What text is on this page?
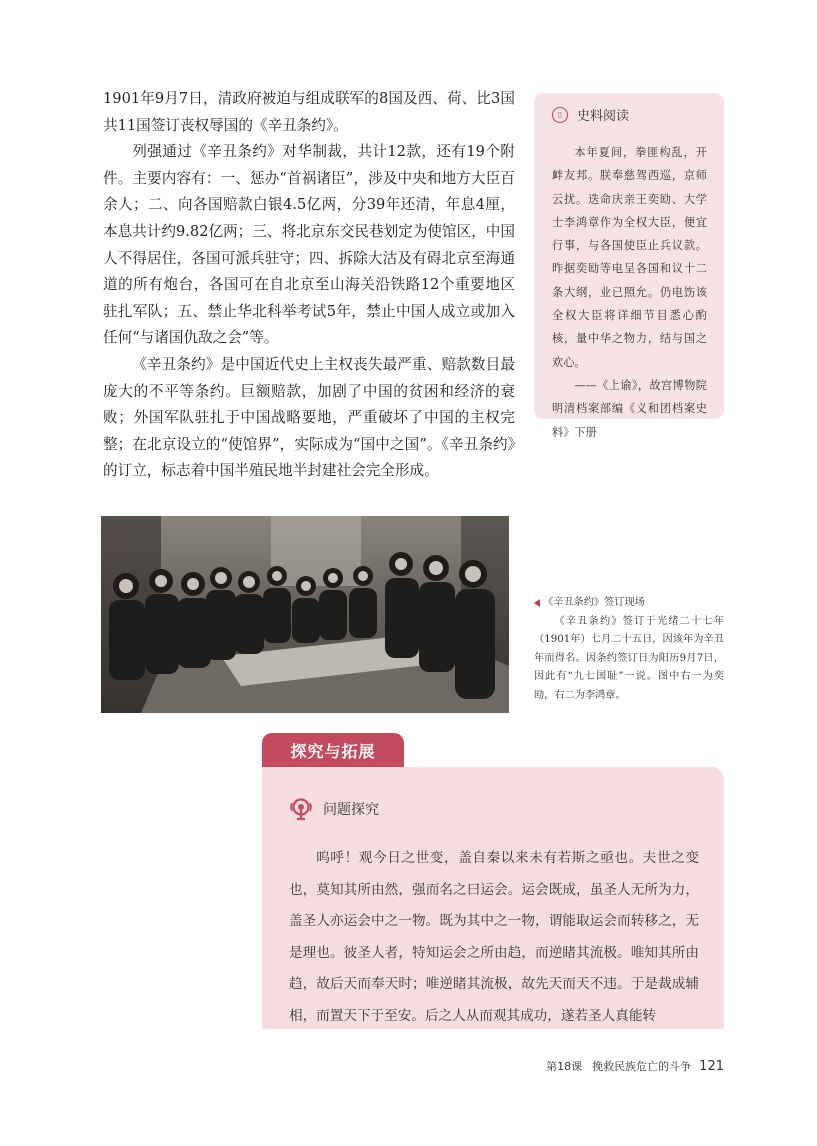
1901年9月7日，清政府被迫与组成联军的8国及西、荷、比3国共11国签订丧权辱国的《辛丑条约》。

列强通过《辛丑条约》对华制裁，共计12款，还有19个附件。主要内容有：一、惩办“首祸诸臣”，涉及中央和地方大臣百余人；二、向各国赔款白银4.5亿两，分39年还清，年息4厘，本息共计约9.82亿两；三、将北京东交民巷划定为使馆区，中国人不得居住，各国可派兵驻守；四、拆除大沽及有碍北京至海通道的所有炮台，各国可在自北京至山海关沿铁路12个重要地区驻扎军队；五、禁止华北科举考试5年，禁止中国人成立或加入任何“与诸国仇敌之会”等。

《辛丑条约》是中国近代史上主权丧失最严重、赔款数目最庞大的不平等条约。巨额赔款，加剧了中国的贫困和经济的衰败；外国军队驻扎于中国战略要地，严重破坏了中国的主权完整；在北京设立的“使馆界”，实际成为“国中之国”。《辛丑条约》的订立，标志着中国半殖民地半封建社会完全形成。

▯	史料阅读

本年夏间，拳匪构乱，开衅友邦。朕奉慈驾西巡，京师云扰。迭命庆亲王奕劻、大学士李鸿章作为全权大臣，便宜行事，与各国使臣止兵议款。昨据奕劻等电呈各国和议十二条大纲，业已照允。仍电饬该全权大臣将详细节目悉心酌核，量中华之物力，结与国之欢心。

——《上谕》，故宫博物院明清档案部编《义和团档案史料》下册

《辛丑条约》签订现场

《辛丑条约》签订于光绪二十七年（1901年）七月二十五日，因该年为辛丑年而得名。因条约签订日为阳历9月7日，因此有“九七国耻”一说。图中右一为奕劻，右二为李鸿章。

探究与拓展
问题探究

呜呼！观今日之世变，盖自秦以来未有若斯之亟也。夫世之变也，莫知其所由然，强而名之曰运会。运会既成，虽圣人无所为力，盖圣人亦运会中之一物。既为其中之一物，谓能取运会而转移之，无是理也。彼圣人者，特知运会之所由趋，而逆睹其流极。唯知其所由趋，故后天而奉天时；唯逆睹其流极，故先天而天不违。于是裁成辅相，而置天下于至安。后之人从而观其成功，遂若圣人真能转

第18课 挽救民族危亡的斗争 121
